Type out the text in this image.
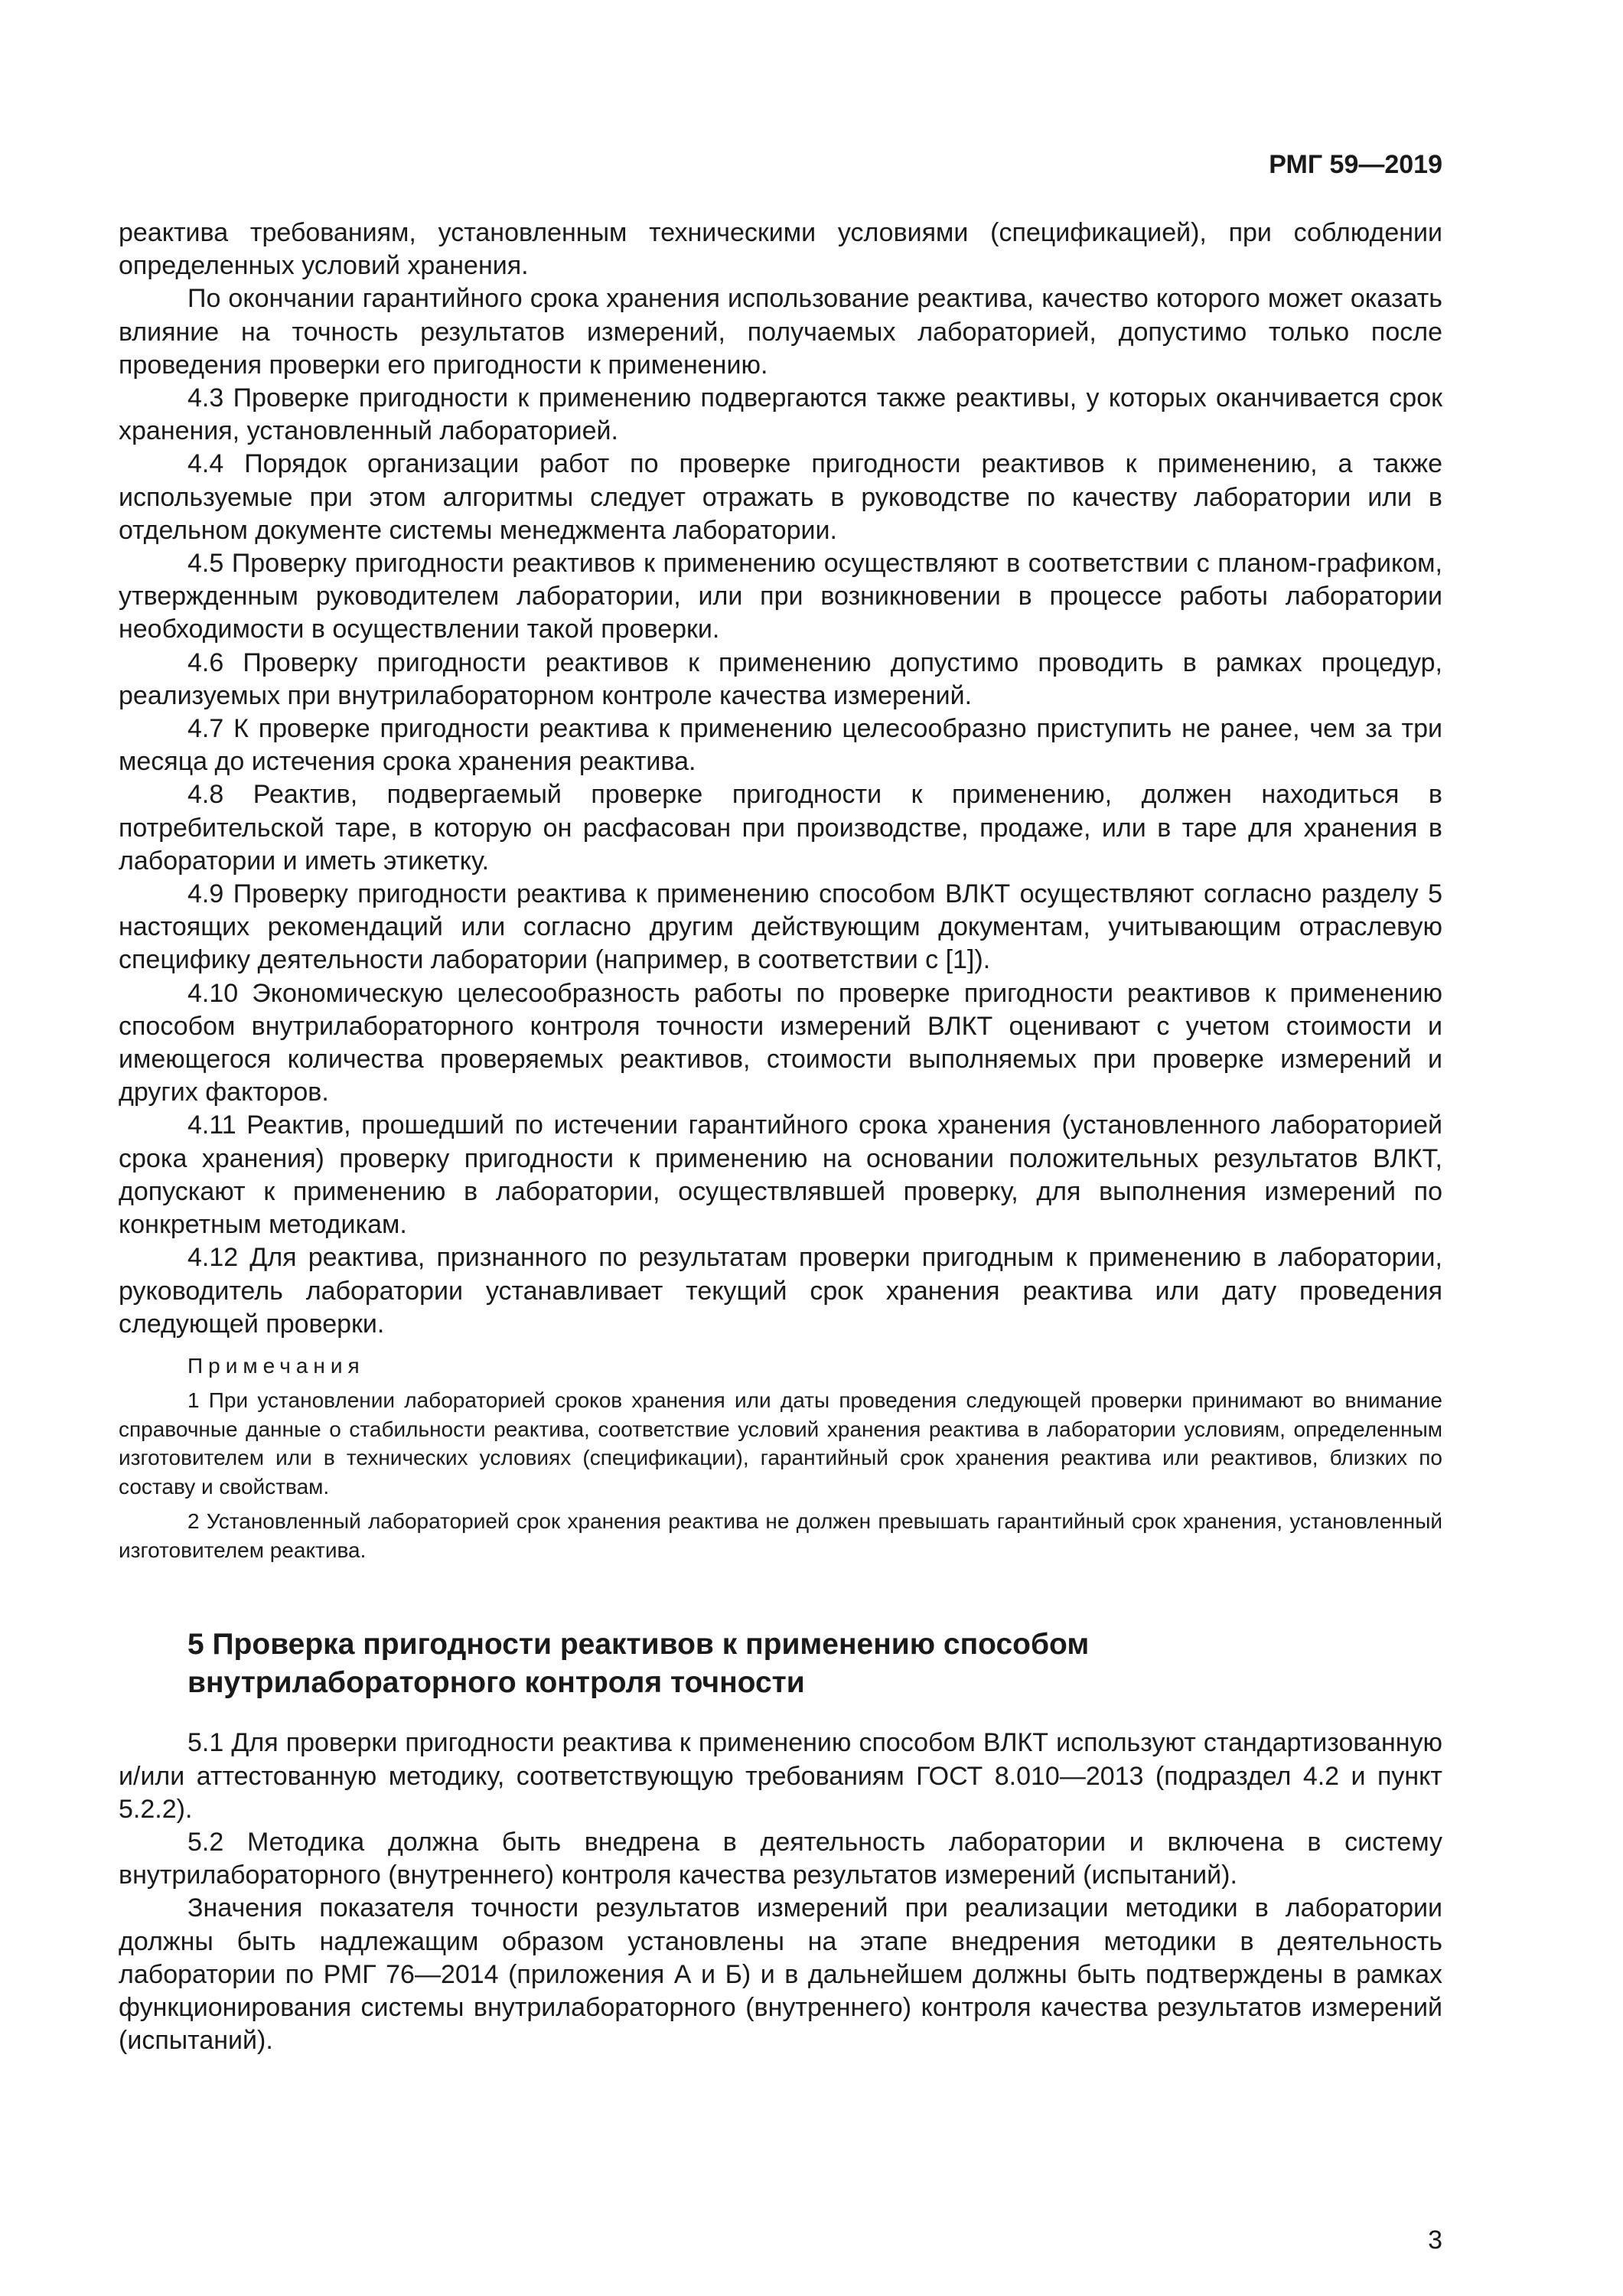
РМГ 59—2019

реактива требованиям, установленным техническими условиями (спецификацией), при соблюдении определенных условий хранения.

По окончании гарантийного срока хранения использование реактива, качество которого может оказать влияние на точность результатов измерений, получаемых лабораторией, допустимо только после проведения проверки его пригодности к применению.

4.3 Проверке пригодности к применению подвергаются также реактивы, у которых оканчивается срок хранения, установленный лабораторией.

4.4 Порядок организации работ по проверке пригодности реактивов к применению, а также используемые при этом алгоритмы следует отражать в руководстве по качеству лаборатории или в отдельном документе системы менеджмента лаборатории.

4.5 Проверку пригодности реактивов к применению осуществляют в соответствии с планом-графиком, утвержденным руководителем лаборатории, или при возникновении в процессе работы лаборатории необходимости в осуществлении такой проверки.

4.6 Проверку пригодности реактивов к применению допустимо проводить в рамках процедур, реализуемых при внутрилабораторном контроле качества измерений.

4.7 К проверке пригодности реактива к применению целесообразно приступить не ранее, чем за три месяца до истечения срока хранения реактива.

4.8 Реактив, подвергаемый проверке пригодности к применению, должен находиться в потребительской таре, в которую он расфасован при производстве, продаже, или в таре для хранения в лаборатории и иметь этикетку.

4.9 Проверку пригодности реактива к применению способом ВЛКТ осуществляют согласно разделу 5 настоящих рекомендаций или согласно другим действующим документам, учитывающим отраслевую специфику деятельности лаборатории (например, в соответствии с [1]).

4.10 Экономическую целесообразность работы по проверке пригодности реактивов к применению способом внутрилабораторного контроля точности измерений ВЛКТ оценивают с учетом стоимости и имеющегося количества проверяемых реактивов, стоимости выполняемых при проверке измерений и других факторов.

4.11 Реактив, прошедший по истечении гарантийного срока хранения (установленного лабораторией срока хранения) проверку пригодности к применению на основании положительных результатов ВЛКТ, допускают к применению в лаборатории, осуществлявшей проверку, для выполнения измерений по конкретным методикам.

4.12 Для реактива, признанного по результатам проверки пригодным к применению в лаборатории, руководитель лаборатории устанавливает текущий срок хранения реактива или дату проведения следующей проверки.

Примечания

1 При установлении лабораторией сроков хранения или даты проведения следующей проверки принимают во внимание справочные данные о стабильности реактива, соответствие условий хранения реактива в лаборатории условиям, определенным изготовителем или в технических условиях (спецификации), гарантийный срок хранения реактива или реактивов, близких по составу и свойствам.

2 Установленный лабораторией срок хранения реактива не должен превышать гарантийный срок хранения, установленный изготовителем реактива.

5 Проверка пригодности реактивов к применению способом
внутрилабораторного контроля точности

5.1 Для проверки пригодности реактива к применению способом ВЛКТ используют стандартизованную и/или аттестованную методику, соответствующую требованиям ГОСТ 8.010—2013 (подраздел 4.2 и пункт 5.2.2).

5.2 Методика должна быть внедрена в деятельность лаборатории и включена в систему внутрилабораторного (внутреннего) контроля качества результатов измерений (испытаний).

Значения показателя точности результатов измерений при реализации методики в лаборатории должны быть надлежащим образом установлены на этапе внедрения методики в деятельность лаборатории по РМГ 76—2014 (приложения А и Б) и в дальнейшем должны быть подтверждены в рамках функционирования системы внутрилабораторного (внутреннего) контроля качества результатов измерений (испытаний).

3
